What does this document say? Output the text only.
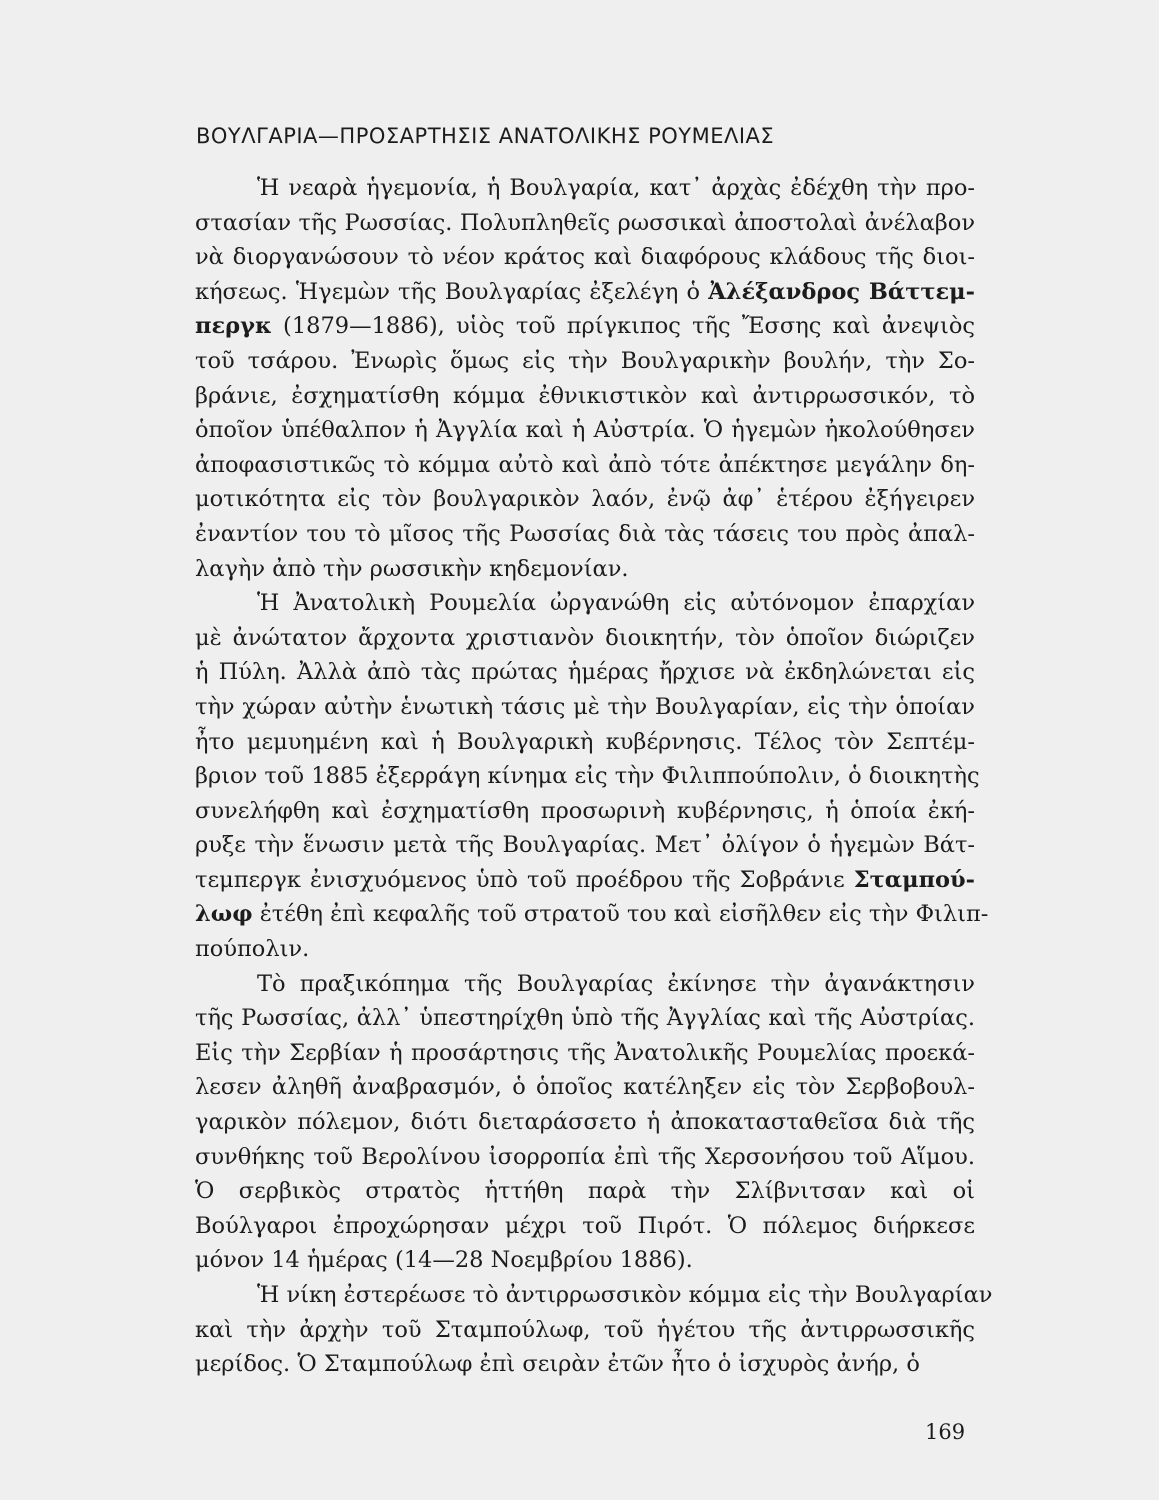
ΒΟΥΛΓΑΡΙΑ—ΠΡΟΣΑΡΤΗΣΙΣ ΑΝΑΤΟΛΙΚΗΣ ΡΟΥΜΕΛΙΑΣ
Ἡ νεαρὰ ἡγεμονία, ἡ Βουλγαρία, κατ᾽ ἀρχὰς ἐδέχθη τὴν προ-
στασίαν τῆς Ρωσσίας. Πολυπληθεῖς ρωσσικαὶ ἀποστολαὶ ἀνέλαβον
νὰ διοργανώσουν τὸ νέον κράτος καὶ διαφόρους κλάδους τῆς διοι-
κήσεως. Ἡγεμὼν τῆς Βουλγαρίας ἐξελέγη ὁ Ἀλέξανδρος Βάττεμ-
περγκ (1879—1886), υἱὸς τοῦ πρίγκιπος τῆς Ἔσσης καὶ ἀνεψιὸς
τοῦ τσάρου. Ἐνωρὶς ὅμως εἰς τὴν Βουλγαρικὴν βουλήν, τὴν Σο-
βράνιε, ἐσχηματίσθη κόμμα ἐθνικιστικὸν καὶ ἀντιρρωσσικόν, τὸ
ὁποῖον ὑπέθαλπον ἡ Ἀγγλία καὶ ἡ Αὐστρία. Ὁ ἡγεμὼν ἠκολούθησεν
ἀποφασιστικῶς τὸ κόμμα αὐτὸ καὶ ἀπὸ τότε ἀπέκτησε μεγάλην δη-
μοτικότητα εἰς τὸν βουλγαρικὸν λαόν, ἐνῷ ἀφ᾽ ἑτέρου ἐξήγειρεν
ἐναντίον του τὸ μῖσος τῆς Ρωσσίας διὰ τὰς τάσεις του πρὸς ἀπαλ-
λαγὴν ἀπὸ τὴν ρωσσικὴν κηδεμονίαν.
Ἡ Ἀνατολικὴ Ρουμελία ὠργανώθη εἰς αὐτόνομον ἐπαρχίαν
μὲ ἀνώτατον ἄρχοντα χριστιανὸν διοικητήν, τὸν ὁποῖον διώριζεν
ἡ Πύλη. Ἀλλὰ ἀπὸ τὰς πρώτας ἡμέρας ἤρχισε νὰ ἐκδηλώνεται εἰς
τὴν χώραν αὐτὴν ἑνωτικὴ τάσις μὲ τὴν Βουλγαρίαν, εἰς τὴν ὁποίαν
ἦτο μεμυημένη καὶ ἡ Βουλγαρικὴ κυβέρνησις. Τέλος τὸν Σεπτέμ-
βριον τοῦ 1885 ἐξερράγη κίνημα εἰς τὴν Φιλιππούπολιν, ὁ διοικητὴς
συνελήφθη καὶ ἐσχηματίσθη προσωρινὴ κυβέρνησις, ἡ ὁποία ἐκή-
ρυξε τὴν ἕνωσιν μετὰ τῆς Βουλγαρίας. Μετ᾽ ὀλίγον ὁ ἡγεμὼν Βάτ-
τεμπεργκ ἐνισχυόμενος ὑπὸ τοῦ προέδρου τῆς Σοβράνιε Σταμπού-
λωφ ἐτέθη ἐπὶ κεφαλῆς τοῦ στρατοῦ του καὶ εἰσῆλθεν εἰς τὴν Φιλιπ-
πούπολιν.
Τὸ πραξικόπημα τῆς Βουλγαρίας ἐκίνησε τὴν ἀγανάκτησιν
τῆς Ρωσσίας, ἀλλ᾽ ὑπεστηρίχθη ὑπὸ τῆς Ἀγγλίας καὶ τῆς Αὐστρίας.
Εἰς τὴν Σερβίαν ἡ προσάρτησις τῆς Ἀνατολικῆς Ρουμελίας προεκά-
λεσεν ἀληθῆ ἀναβρασμόν, ὁ ὁποῖος κατέληξεν εἰς τὸν Σερβοβουλ-
γαρικὸν πόλεμον, διότι διεταράσσετο ἡ ἀποκατασταθεῖσα διὰ τῆς
συνθήκης τοῦ Βερολίνου ἰσορροπία ἐπὶ τῆς Χερσονήσου τοῦ Αἵμου.
Ὁ σερβικὸς στρατὸς ἡττήθη παρὰ τὴν Σλίβνιτσαν καὶ οἱ
Βούλγαροι ἐπροχώρησαν μέχρι τοῦ Πιρότ. Ὁ πόλεμος διήρκεσε
μόνον 14 ἡμέρας (14—28 Νοεμβρίου 1886).
Ἡ νίκη ἐστερέωσε τὸ ἀντιρρωσσικὸν κόμμα εἰς τὴν Βουλγαρίαν
καὶ τὴν ἀρχὴν τοῦ Σταμπούλωφ, τοῦ ἡγέτου τῆς ἀντιρρωσσικῆς
μερίδος. Ὁ Σταμπούλωφ ἐπὶ σειρὰν ἐτῶν ἦτο ὁ ἰσχυρὸς ἀνήρ, ὁ
169
